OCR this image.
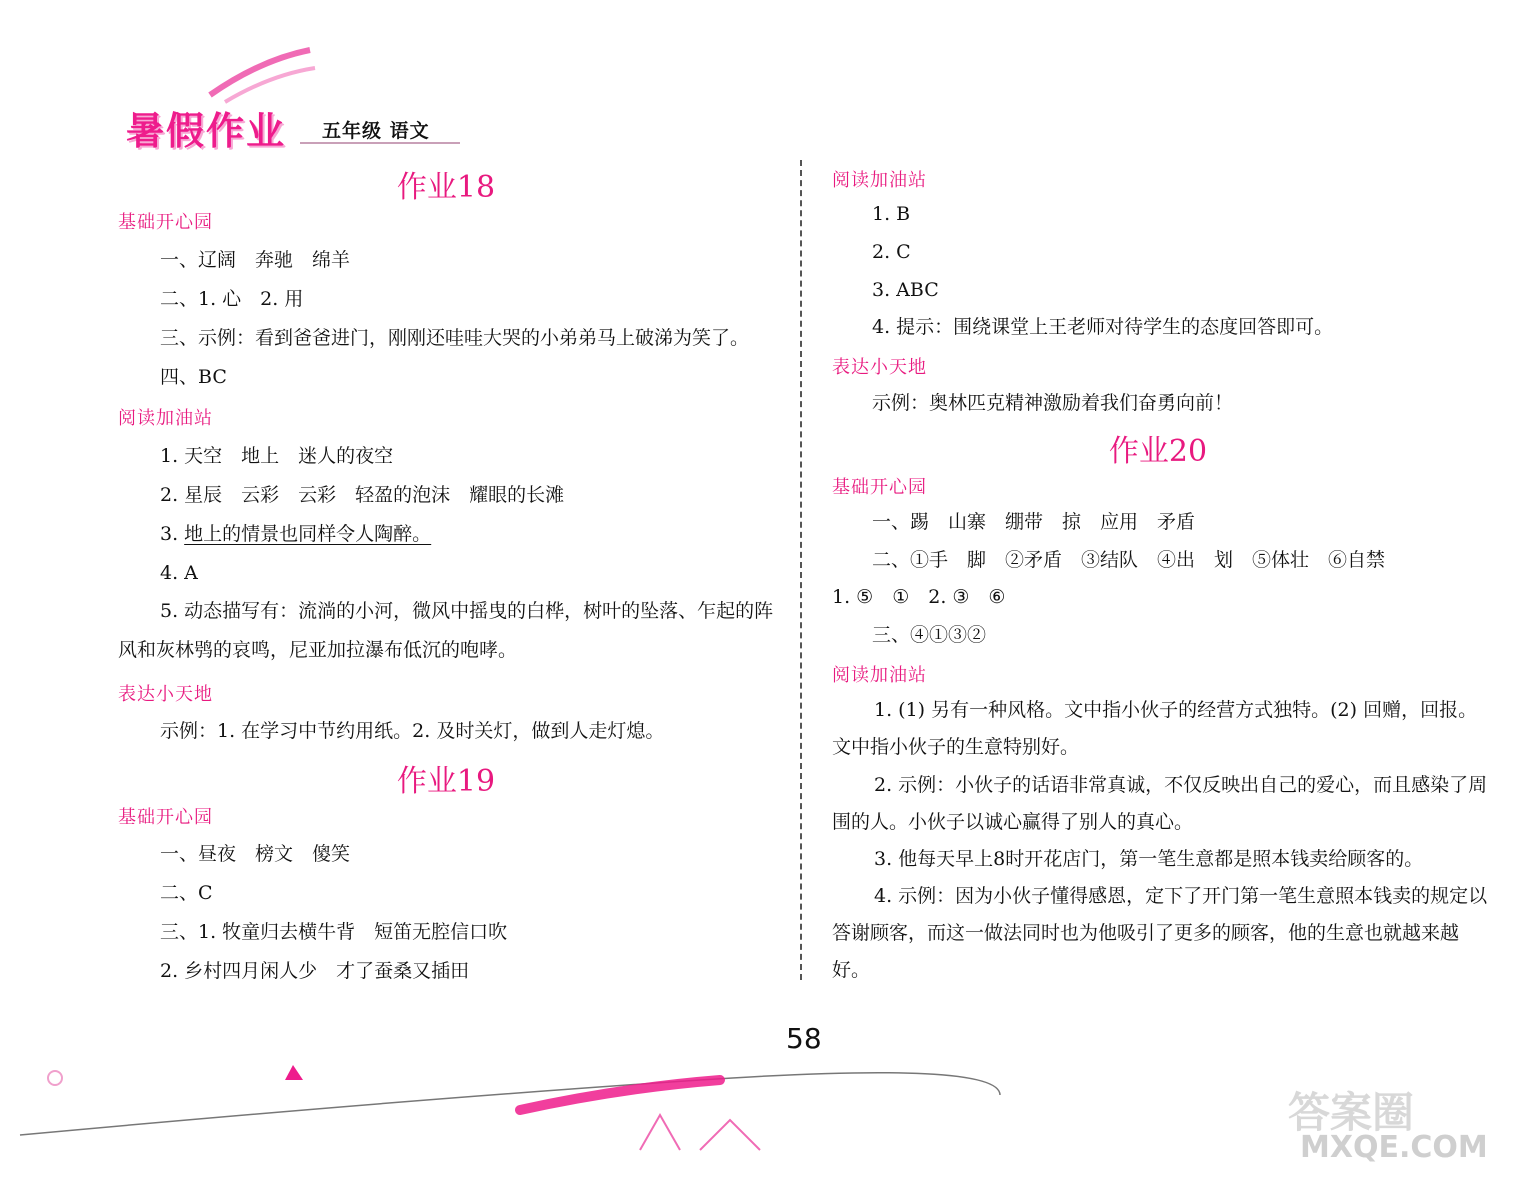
暑假作业 五年级 语文
作业18
基础开心园
一、辽阔　奔驰　绵羊
二、1. 心　2. 用
三、示例：看到爸爸进门，刚刚还哇哇大哭的小弟弟马上破涕为笑了。
四、BC
阅读加油站
1. 天空　地上　迷人的夜空
2. 星辰　云彩　云彩　轻盈的泡沫　耀眼的长滩
3. 地上的情景也同样令人陶醉。
4. A
5. 动态描写有：流淌的小河，微风中摇曳的白桦，树叶的坠落、乍起的阵风和灰林鸮的哀鸣，尼亚加拉瀑布低沉的咆哮。
表达小天地
示例：1. 在学习中节约用纸。2. 及时关灯，做到人走灯熄。
作业19
基础开心园
一、昼夜　榜文　傻笑
二、C
三、1. 牧童归去横牛背　短笛无腔信口吹
2. 乡村四月闲人少　才了蚕桑又插田
阅读加油站
1. B
2. C
3. ABC
4. 提示：围绕课堂上王老师对待学生的态度回答即可。
表达小天地
示例：奥林匹克精神激励着我们奋勇向前！
作业20
基础开心园
一、踢　山寨　绷带　掠　应用　矛盾
二、①手　脚　②矛盾　③结队　④出　划　⑤体壮　⑥自禁
1. ⑤　①　2. ③　⑥
三、④①③②
阅读加油站
1. (1) 另有一种风格。文中指小伙子的经营方式独特。(2) 回赠，回报。文中指小伙子的生意特别好。
2. 示例：小伙子的话语非常真诚，不仅反映出自己的爱心，而且感染了周围的人。小伙子以诚心赢得了别人的真心。
3. 他每天早上8时开花店门，第一笔生意都是照本钱卖给顾客的。
4. 示例：因为小伙子懂得感恩，定下了开门第一笔生意照本钱卖的规定以答谢顾客，而这一做法同时也为他吸引了更多的顾客，他的生意也就越来越好。
58
答案圈
MXQE.COM
